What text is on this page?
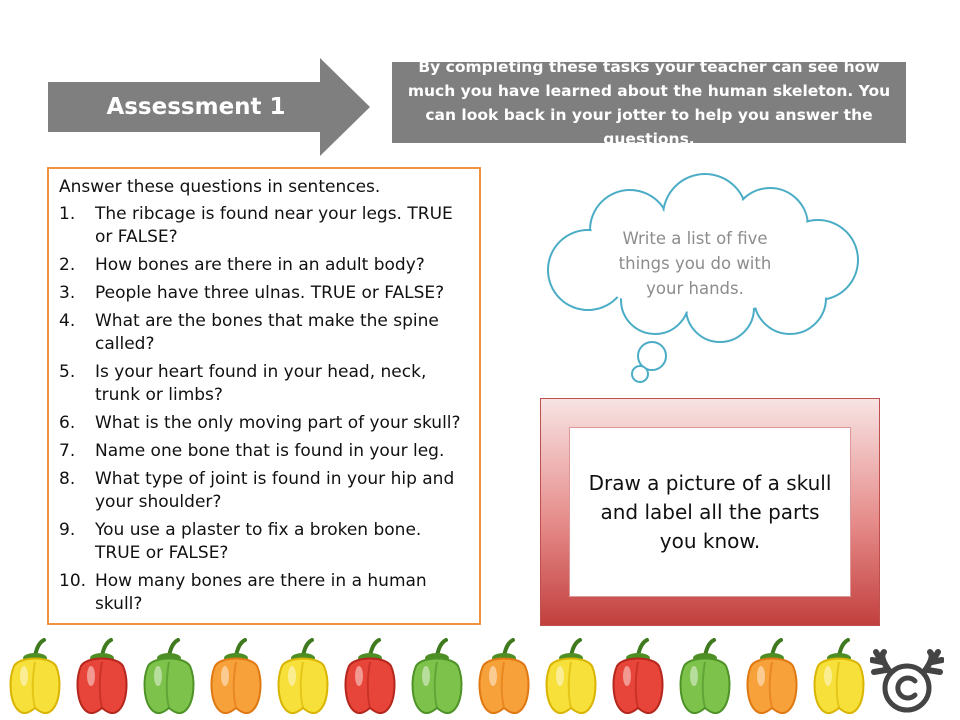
Assessment 1
By completing these tasks your teacher can see how much you have learned about the human skeleton. You can look back in your jotter to help you answer the questions.
Answer these questions in sentences.
1.	The ribcage is found near your legs. TRUE or FALSE?
2.	How bones are there in an adult body?
3.	People have three ulnas. TRUE or FALSE?
4.	What are the bones that make the spine called?
5.	Is your heart found in your head, neck, trunk or limbs?
6.	What is the only moving part of your skull?
7.	Name one bone that is found in your leg.
8.	What type of joint is found in your hip and your shoulder?
9.	You use a plaster to fix a broken bone. TRUE or FALSE?
10. How many bones are there in a human skull?
Write a list of five things you do with your hands.
Draw a picture of a skull and label all the parts you know.
